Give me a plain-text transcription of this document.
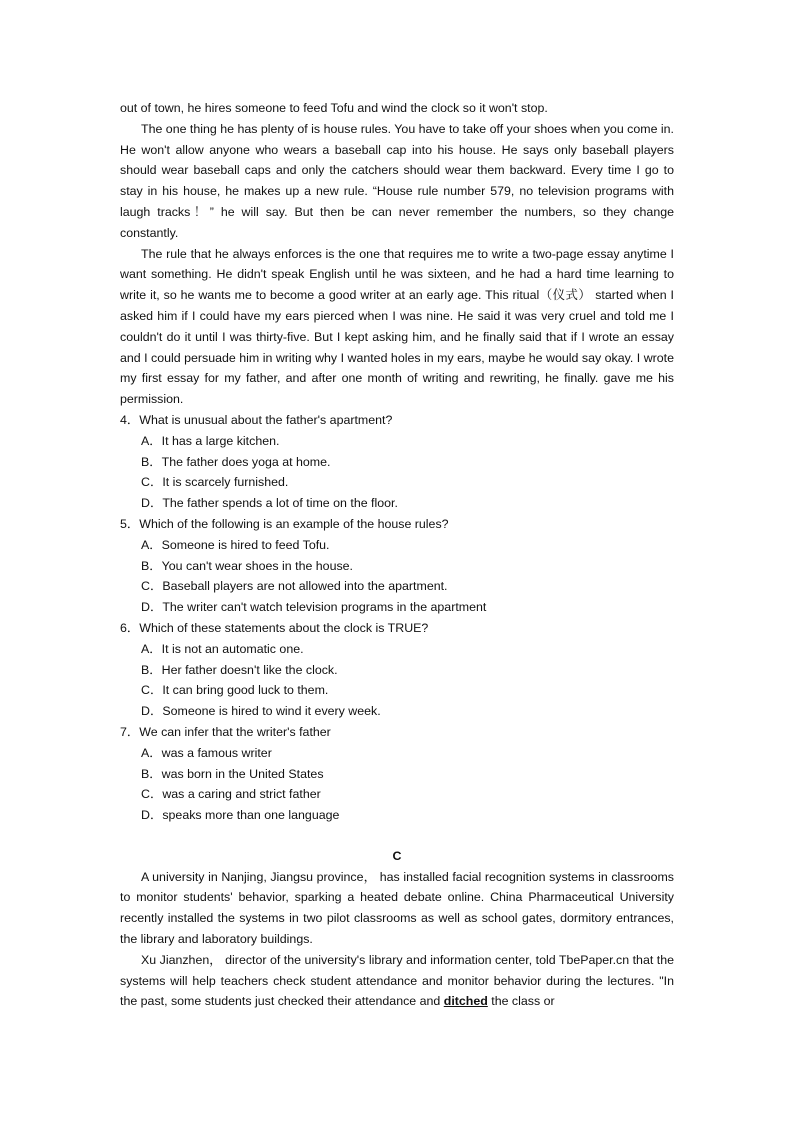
out of town, he hires someone to feed Tofu and wind the clock so it won't stop.

The one thing he has plenty of is house rules. You have to take off your shoes when you come in. He won't allow anyone who wears a baseball cap into his house. He says only baseball players should wear baseball caps and only the catchers should wear them backward. Every time I go to stay in his house, he makes up a new rule. “House rule number 579, no television programs with laugh tracks！” he will say. But then be can never remember the numbers, so they change constantly.

The rule that he always enforces is the one that requires me to write a two-page essay anytime I want something. He didn't speak English until he was sixteen, and he had a hard time learning to write it, so he wants me to become a good writer at an early age. This ritual（仪式） started when I asked him if I could have my ears pierced when I was nine. He said it was very cruel and told me I couldn't do it until I was thirty-five. But I kept asking him, and he finally said that if I wrote an essay and I could persuade him in writing why I wanted holes in my ears, maybe he would say okay. I wrote my first essay for my father, and after one month of writing and rewriting, he finally. gave me his permission.

4．What is unusual about the father's apartment?

A．It has a large kitchen.
B．The father does yoga at home.
C．It is scarcely furnished.
D．The father spends a lot of time on the floor.

5．Which of the following is an example of the house rules?

A．Someone is hired to feed Tofu.
B．You can't wear shoes in the house.
C．Baseball players are not allowed into the apartment.
D．The writer can't watch television programs in the apartment

6．Which of these statements about the clock is TRUE?

A．It is not an automatic one.
B．Her father doesn't like the clock.
C．It can bring good luck to them.
D．Someone is hired to wind it every week.

7．We can infer that the writer's father

A．was a famous writer
B．was born in the United States
C．was a caring and strict father
D．speaks more than one language

C

A university in Nanjing, Jiangsu province， has installed facial recognition systems in classrooms to monitor students' behavior, sparking a heated debate online. China Pharmaceutical University recently installed the systems in two pilot classrooms as well as school gates, dormitory entrances, the library and laboratory buildings.

Xu Jianzhen， director of the university's library and information center, told TbePaper.cn that the systems will help teachers check student attendance and monitor behavior during the lectures. "In the past, some students just checked their attendance and ditched the class or
